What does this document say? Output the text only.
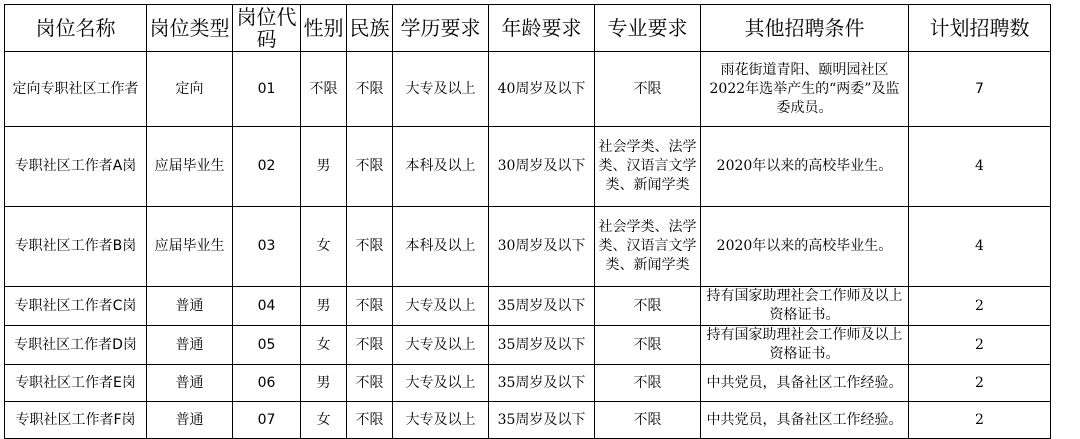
岗位名称	岗位类型	岗位代码	性别	民族	学历要求	年龄要求	专业要求	其他招聘条件	计划招聘数
定向专职社区工作者	定向	01	不限	不限	大专及以上	40周岁及以下	不限	雨花街道青阳、颐明园社区2022年选举产生的“两委”及监委成员。	7
专职社区工作者A岗	应届毕业生	02	男	不限	本科及以上	30周岁及以下	社会学类、法学类、汉语言文学类、新闻学类	2020年以来的高校毕业生。	4
专职社区工作者B岗	应届毕业生	03	女	不限	本科及以上	30周岁及以下	社会学类、法学类、汉语言文学类、新闻学类	2020年以来的高校毕业生。	4
专职社区工作者C岗	普通	04	男	不限	大专及以上	35周岁及以下	不限	持有国家助理社会工作师及以上资格证书。	2
专职社区工作者D岗	普通	05	女	不限	大专及以上	35周岁及以下	不限	持有国家助理社会工作师及以上资格证书。	2
专职社区工作者E岗	普通	06	男	不限	大专及以上	35周岁及以下	不限	中共党员，具备社区工作经验。	2
专职社区工作者F岗	普通	07	女	不限	大专及以上	35周岁及以下	不限	中共党员，具备社区工作经验。	2
